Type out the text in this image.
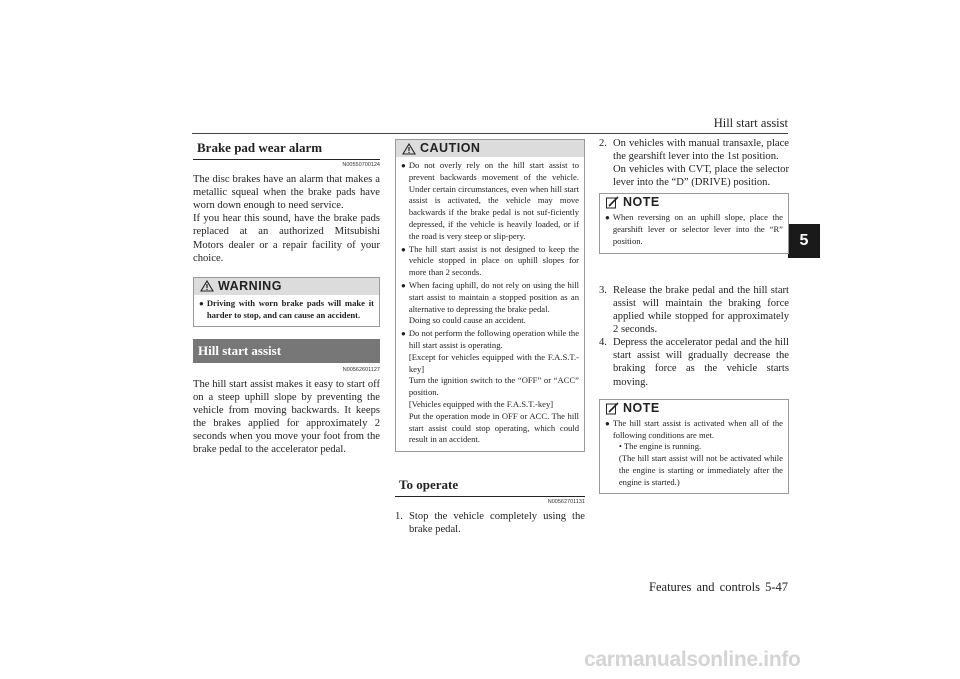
Hill start assist
5
Brake pad wear alarm
N00550700124
The disc brakes have an alarm that makes a metallic squeal when the brake pads have worn down enough to need service.
If you hear this sound, have the brake pads replaced at an authorized Mitsubishi Motors dealer or a repair facility of your choice.
WARNING
● Driving with worn brake pads will make it harder to stop, and can cause an accident.
Hill start assist
N00562601127
The hill start assist makes it easy to start off on a steep uphill slope by preventing the vehicle from moving backwards. It keeps the brakes applied for approximately 2 seconds when you move your foot from the brake pedal to the accelerator pedal.
CAUTION
● Do not overly rely on the hill start assist to prevent backwards movement of the vehicle. Under certain circumstances, even when hill start assist is activated, the vehicle may move backwards if the brake pedal is not suf-ficiently depressed, if the vehicle is heavily loaded, or if the road is very steep or slip-pery.
● The hill start assist is not designed to keep the vehicle stopped in place on uphill slopes for more than 2 seconds.
● When facing uphill, do not rely on using the hill start assist to maintain a stopped position as an alternative to depressing the brake pedal.
Doing so could cause an accident.
● Do not perform the following operation while the hill start assist is operating.
[Except for vehicles equipped with the F.A.S.T.-key]
Turn the ignition switch to the “OFF” or “ACC” position.
[Vehicles equipped with the F.A.S.T.-key]
Put the operation mode in OFF or ACC. The hill start assist could stop operating, which could result in an accident.
To operate
N00562701131
1. Stop the vehicle completely using the brake pedal.
2. On vehicles with manual transaxle, place the gearshift lever into the 1st position.
On vehicles with CVT, place the selector lever into the “D” (DRIVE) position.
NOTE
● When reversing on an uphill slope, place the gearshift lever or selector lever into the “R” position.
3. Release the brake pedal and the hill start assist will maintain the braking force applied while stopped for approximately 2 seconds.
4. Depress the accelerator pedal and the hill start assist will gradually decrease the braking force as the vehicle starts moving.
NOTE
● The hill start assist is activated when all of the following conditions are met.
• The engine is running.
(The hill start assist will not be activated while the engine is starting or immediately after the engine is started.)
Features and controls 5-47
carmanualsonline.info
